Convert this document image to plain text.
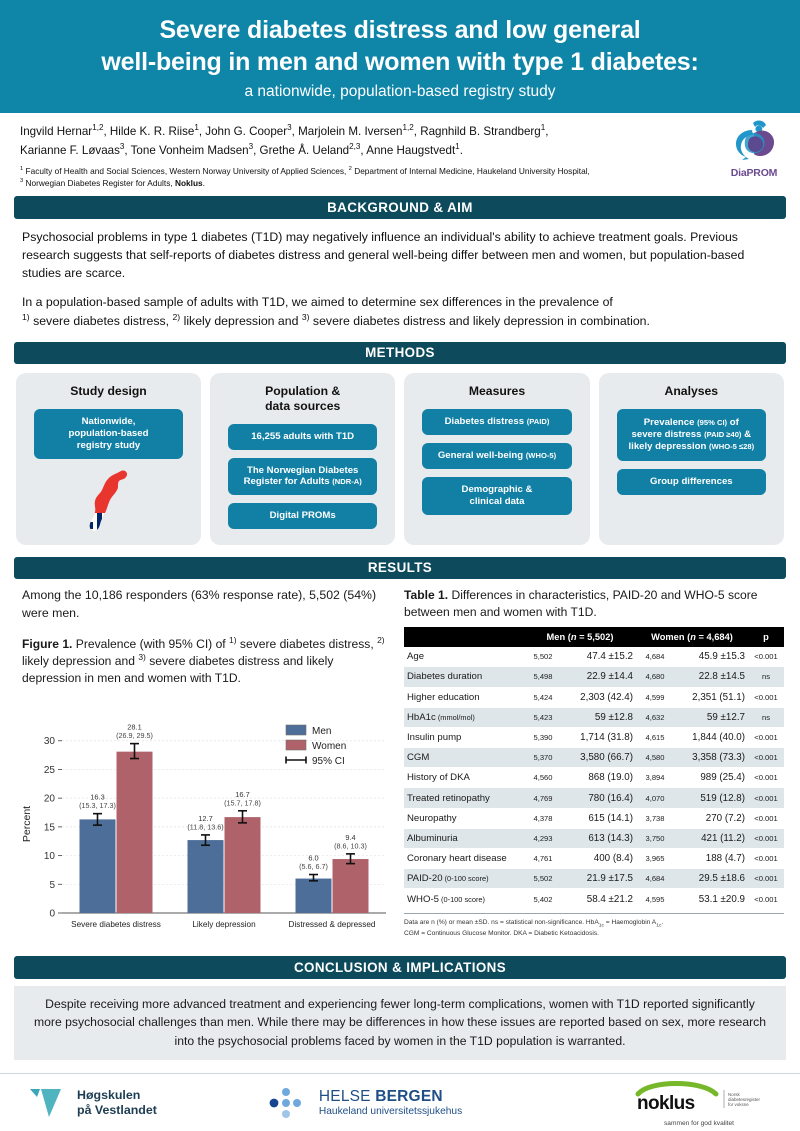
Severe diabetes distress and low general
well-being in men and women with type 1 diabetes:
a nationwide, population-based registry study
Ingvild Hernar$^{1,2}$, Hilde K. R. Riise$^1$, John G. Cooper$^3$, Marjolein M. Iversen$^{1,2}$, Ragnhild B. Strandberg$^1$,
Karianne F. Løvaas$^3$, Tone Vonheim Madsen$^3$, Grethe Å. Ueland$^{2,3}$, Anne Haugstvedt$^1$.
$^1$ Faculty of Health and Social Sciences, Western Norway University of Applied Sciences, $^2$ Department of Internal Medicine, Haukeland University Hospital,
$^3$ Norwegian Diabetes Register for Adults, Noklus.
DiaPROM
BACKGROUND & AIM

Psychosocial problems in type 1 diabetes (T1D) may negatively influence an individual's ability to achieve treatment goals. Previous research suggests that self-reports of diabetes distress and general well-being differ between men and women, but population-based studies are scarce.

In a population-based sample of adults with T1D, we aimed to determine sex differences in the prevalence of
$^{1)}$ severe diabetes distress, $^{2)}$ likely depression and $^{3)}$ severe diabetes distress and likely depression in combination.

METHODS
Study design
Nationwide,
population-based
registry study
Population &
data sources
16,255 adults with T1D
The Norwegian Diabetes
Register for Adults (NDR-A)
Digital PROMs
Measures
Diabetes distress (PAID)
General well-being (WHO-5)
Demographic &
clinical data
Analyses
Prevalence (95% CI) of
severe distress (PAID ≥40) &
likely depression (WHO-5 ≤28)
Group differences
RESULTS
Among the 10,186 responders (63% response rate), 5,502 (54%) were men.
Figure 1. Prevalence (with 95% CI) of $^{1)}$ severe diabetes distress, $^{2)}$ likely depression and $^{3)}$ severe diabetes distress and likely depression in men and women with T1D.
0
5
10
15
20
25
30
Percent
16.3
(15.3, 17.3)
28.1
(26.9, 29.5)
Severe diabetes distress
12.7
(11.8, 13.6)
16.7
(15.7, 17.8)
Likely depression
6.0
(5.6, 6.7)
9.4
(8.6, 10.3)
Distressed & depressed
Men
Women
95% CI
Table 1. Differences in characteristics, PAID-20 and WHO-5 score between men and women with T1D.
	Men (n = 5,502)		Women (n = 4,684)		p
Age	5,502	47.4 ±15.2	4,684	45.9 ±15.3	<0.001
Diabetes duration	5,498	22.9 ±14.4	4,680	22.8 ±14.5	ns
Higher education	5,424	2,303 (42.4)	4,599	2,351 (51.1)	<0.001
HbA1c (mmol/mol)	5,423	59 ±12.8	4,632	59 ±12.7	ns
Insulin pump	5,390	1,714 (31.8)	4,615	1,844 (40.0)	<0.001
CGM	5,370	3,580 (66.7)	4,580	3,358 (73.3)	<0.001
History of DKA	4,560	868 (19.0)	3,894	989 (25.4)	<0.001
Treated retinopathy	4,769	780 (16.4)	4,070	519 (12.8)	<0.001
Neuropathy	4,378	615 (14.1)	3,738	270 (7.2)	<0.001
Albuminuria	4,293	613 (14.3)	3,750	421 (11.2)	<0.001
Coronary heart disease	4,761	400 (8.4)	3,965	188 (4.7)	<0.001
PAID-20 (0-100 score)	5,502	21.9 ±17.5	4,684	29.5 ±18.6	<0.001
WHO-5 (0-100 score)	5,402	58.4 ±21.2	4,595	53.1 ±20.9	<0.001
Data are n (%) or mean ±SD. ns = statistical non-significance. HbA$_{1c}$ = Haemoglobin $A_{1c}$.
CGM = Continuous Glucose Monitor. DKA = Diabetic Ketoacidosis.
CONCLUSION & IMPLICATIONS
Despite receiving more advanced treatment and experiencing fewer long-term complications, women with T1D reported significantly more psychosocial challenges than men. While there may be differences in how these issues are reported based on sex, more research into the psychosocial problems faced by women in the T1D population is warranted.
Høgskulen
på Vestlandet
HELSE BERGEN
Haukeland universitetssjukehus	noklus	Norsk
diabetesregister
for voksne
sammen for god kvalitet
